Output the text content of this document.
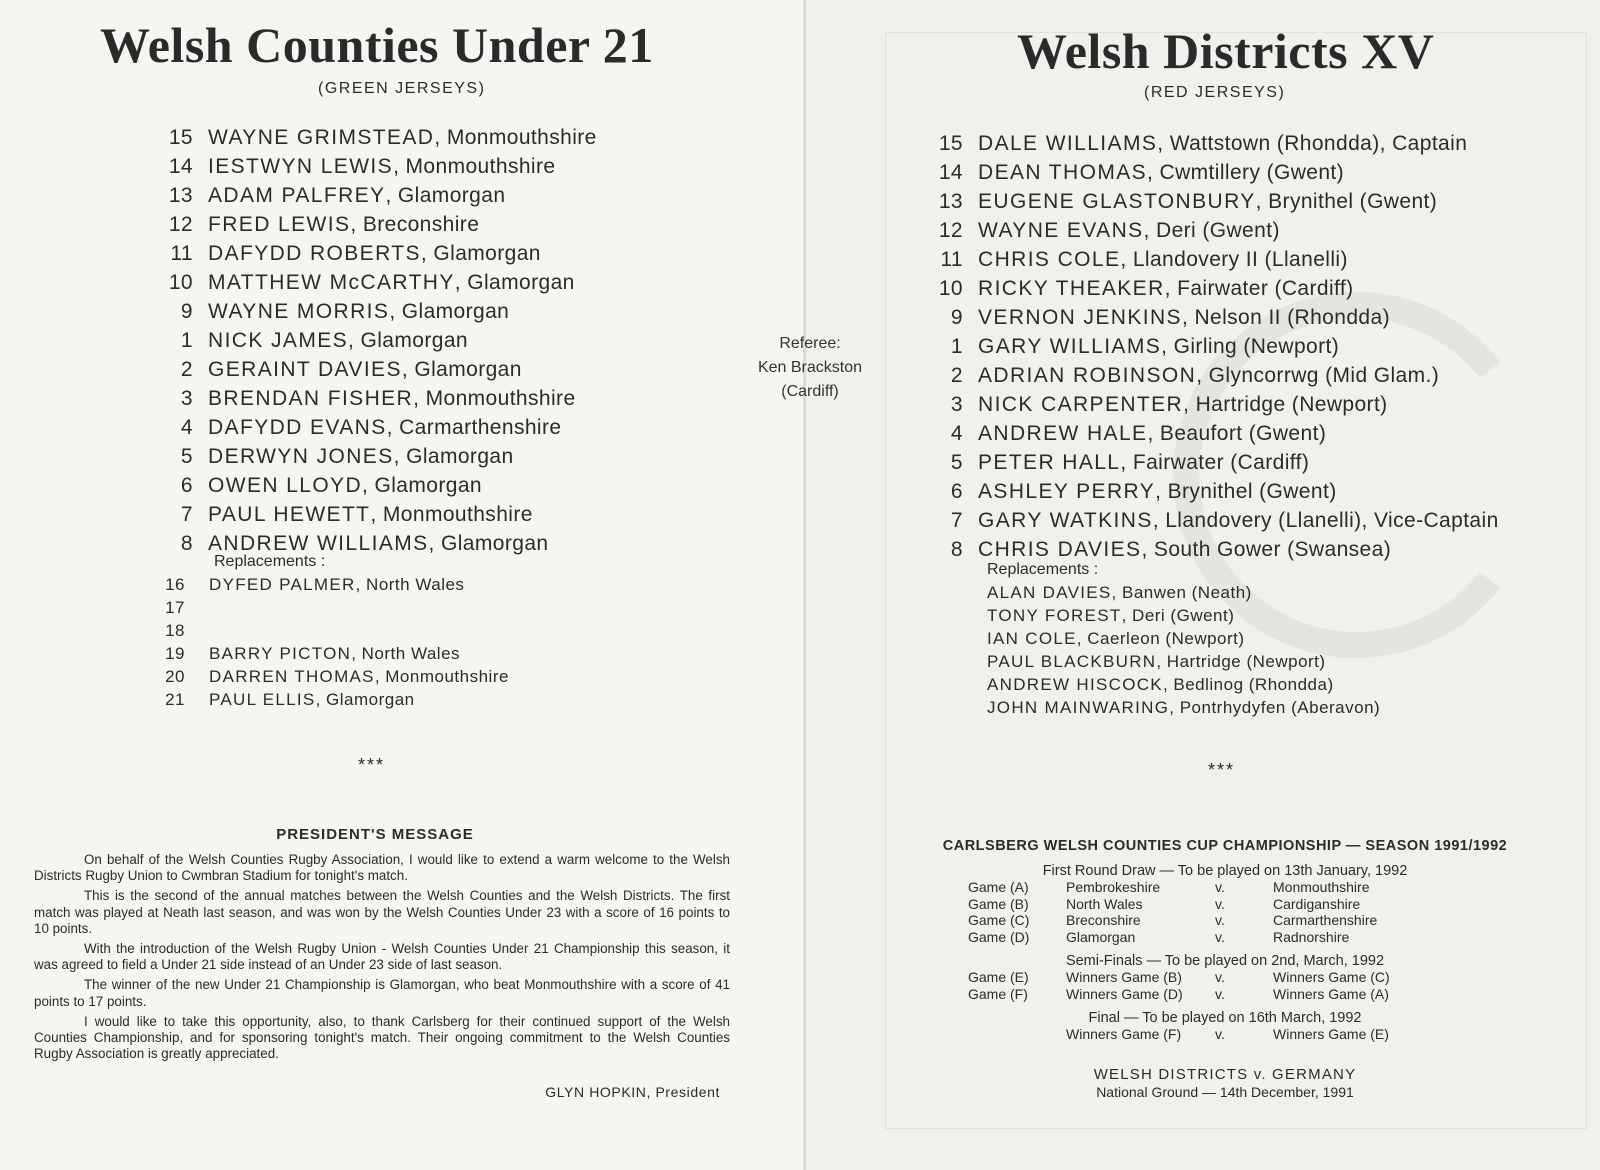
Welsh Counties Under 21
(GREEN JERSEYS)
15 WAYNE GRIMSTEAD, Monmouthshire
14 IESTWYN LEWIS, Monmouthshire
13 ADAM PALFREY, Glamorgan
12 FRED LEWIS, Breconshire
11 DAFYDD ROBERTS, Glamorgan
10 MATTHEW McCARTHY, Glamorgan
9 WAYNE MORRIS, Glamorgan
1 NICK JAMES, Glamorgan
2 GERAINT DAVIES, Glamorgan
3 BRENDAN FISHER, Monmouthshire
4 DAFYDD EVANS, Carmarthenshire
5 DERWYN JONES, Glamorgan
6 OWEN LLOYD, Glamorgan
7 PAUL HEWETT, Monmouthshire
8 ANDREW WILLIAMS, Glamorgan
Replacements :
16 DYFED PALMER, North Wales
17
18
19 BARRY PICTON, North Wales
20 DARREN THOMAS, Monmouthshire
21 PAUL ELLIS, Glamorgan
***
PRESIDENT'S MESSAGE

On behalf of the Welsh Counties Rugby Association, I would like to extend a warm welcome to the Welsh Districts Rugby Union to Cwmbran Stadium for tonight's match.

This is the second of the annual matches between the Welsh Counties and the Welsh Districts. The first match was played at Neath last season, and was won by the Welsh Counties Under 23 with a score of 16 points to 10 points.

With the introduction of the Welsh Rugby Union - Welsh Counties Under 21 Championship this season, it was agreed to field a Under 21 side instead of an Under 23 side of last season.

The winner of the new Under 21 Championship is Glamorgan, who beat Monmouthshire with a score of 41 points to 17 points.

I would like to take this opportunity, also, to thank Carlsberg for their continued support of the Welsh Counties Championship, and for sponsoring tonight's match. Their ongoing commitment to the Welsh Counties Rugby Association is greatly appreciated.

GLYN HOPKIN, President
Referee:
Ken Brackston
(Cardiff)
Welsh Districts XV
(RED JERSEYS)
15 DALE WILLIAMS, Wattstown (Rhondda), Captain
14 DEAN THOMAS, Cwmtillery (Gwent)
13 EUGENE GLASTONBURY, Brynithel (Gwent)
12 WAYNE EVANS, Deri (Gwent)
11 CHRIS COLE, Llandovery II (Llanelli)
10 RICKY THEAKER, Fairwater (Cardiff)
9 VERNON JENKINS, Nelson II (Rhondda)
1 GARY WILLIAMS, Girling (Newport)
2 ADRIAN ROBINSON, Glyncorrwg (Mid Glam.)
3 NICK CARPENTER, Hartridge (Newport)
4 ANDREW HALE, Beaufort (Gwent)
5 PETER HALL, Fairwater (Cardiff)
6 ASHLEY PERRY, Brynithel (Gwent)
7 GARY WATKINS, Llandovery (Llanelli), Vice-Captain
8 CHRIS DAVIES, South Gower (Swansea)
Replacements :
ALAN DAVIES, Banwen (Neath)
TONY FOREST, Deri (Gwent)
IAN COLE, Caerleon (Newport)
PAUL BLACKBURN, Hartridge (Newport)
ANDREW HISCOCK, Bedlinog (Rhondda)
JOHN MAINWARING, Pontrhydyfen (Aberavon)
***
CARLSBERG WELSH COUNTIES CUP CHAMPIONSHIP — SEASON 1991/1992
First Round Draw — To be played on 13th January, 1992
Game (A)	Pembrokeshire	v.	Monmouthshire
Game (B)	North Wales	v.	Cardiganshire
Game (C)	Breconshire	v.	Carmarthenshire
Game (D)	Glamorgan	v.	Radnorshire
Semi-Finals — To be played on 2nd, March, 1992
Game (E)	Winners Game (B) v.	Winners Game (C)
Game (F)	Winners Game (D) v.	Winners Game (A)
Final — To be played on 16th March, 1992
Winners Game (F) v.	Winners Game (E)
WELSH DISTRICTS v. GERMANY
National Ground — 14th December, 1991
